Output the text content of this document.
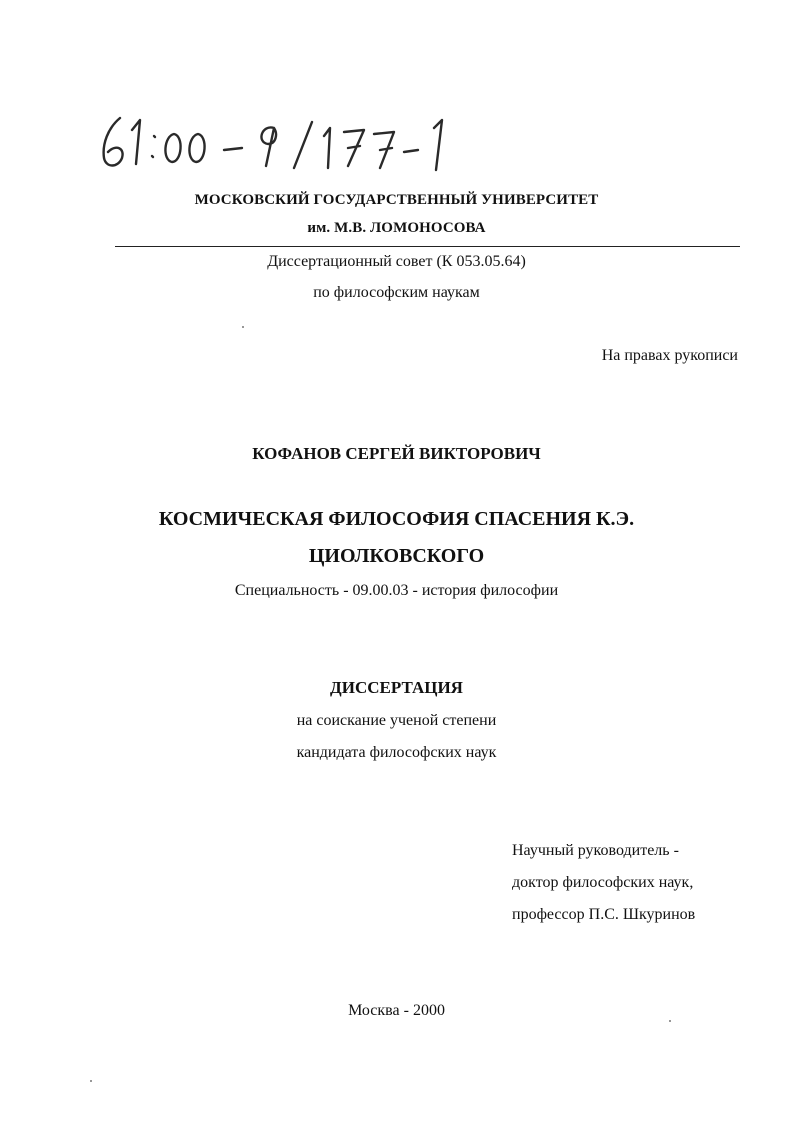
МОСКОВСКИЙ ГОСУДАРСТВЕННЫЙ УНИВЕРСИТЕТ
им. М.В. ЛОМОНОСОВА
Диссертационный совет (К 053.05.64)
по философским наукам
На правах рукописи
КОФАНОВ СЕРГЕЙ ВИКТОРОВИЧ
КОСМИЧЕСКАЯ ФИЛОСОФИЯ СПАСЕНИЯ К.Э.
ЦИОЛКОВСКОГО
Специальность - 09.00.03 - история философии
ДИССЕРТАЦИЯ
на соискание ученой степени
кандидата философских наук
Научный руководитель -
доктор философских наук,
профессор П.С. Шкуринов
Москва - 2000
